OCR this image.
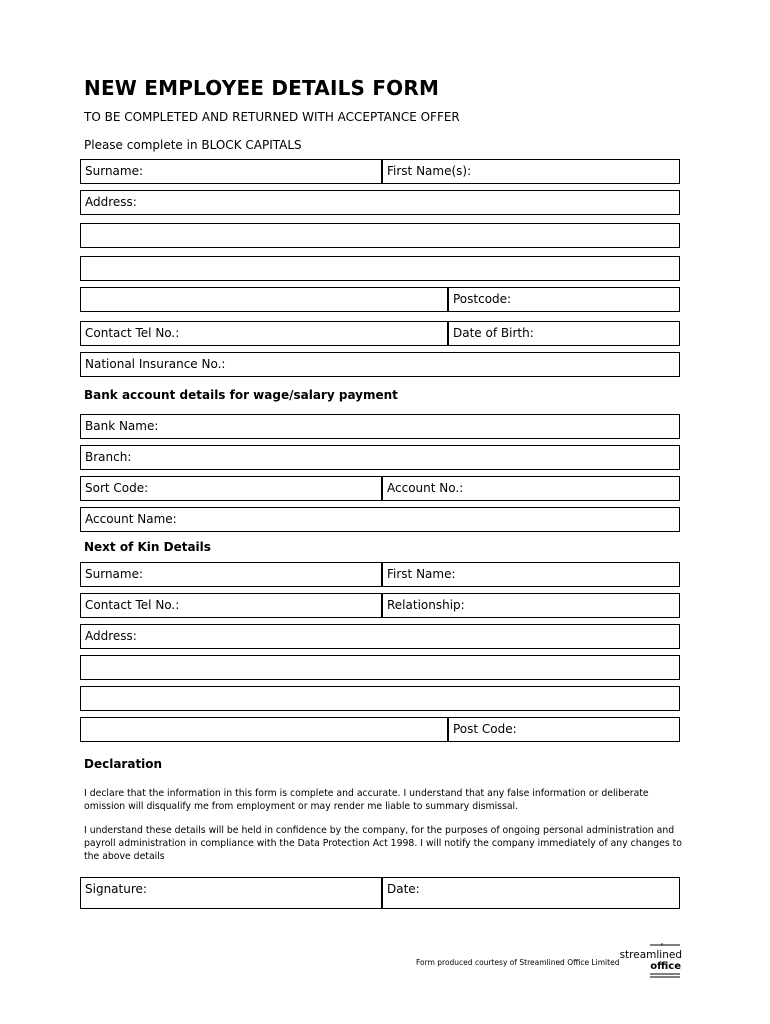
NEW EMPLOYEE DETAILS FORM
TO BE COMPLETED AND RETURNED WITH ACCEPTANCE OFFER
Please complete in BLOCK CAPITALS
Surname:	First Name(s):
Address:
Postcode:
Contact Tel No.:	Date of Birth:
National Insurance No.:
Bank account details for wage/salary payment
Bank Name:
Branch:
Sort Code:	Account No.:
Account Name:
Next of Kin Details
Surname:	First Name:
Contact Tel No.:	Relationship:
Address:
Post Code:
Declaration
I declare that the information in this form is complete and accurate. I understand that any false information or deliberate omission will disqualify me from employment or may render me liable to summary dismissal.
I understand these details will be held in confidence by the company, for the purposes of ongoing personal administration and payroll administration in compliance with the Data Protection Act 1998. I will notify the company immediately of any changes to the above details
Signature:	Date:
Form produced courtesy of Streamlined Office Limited
streamlined
office
